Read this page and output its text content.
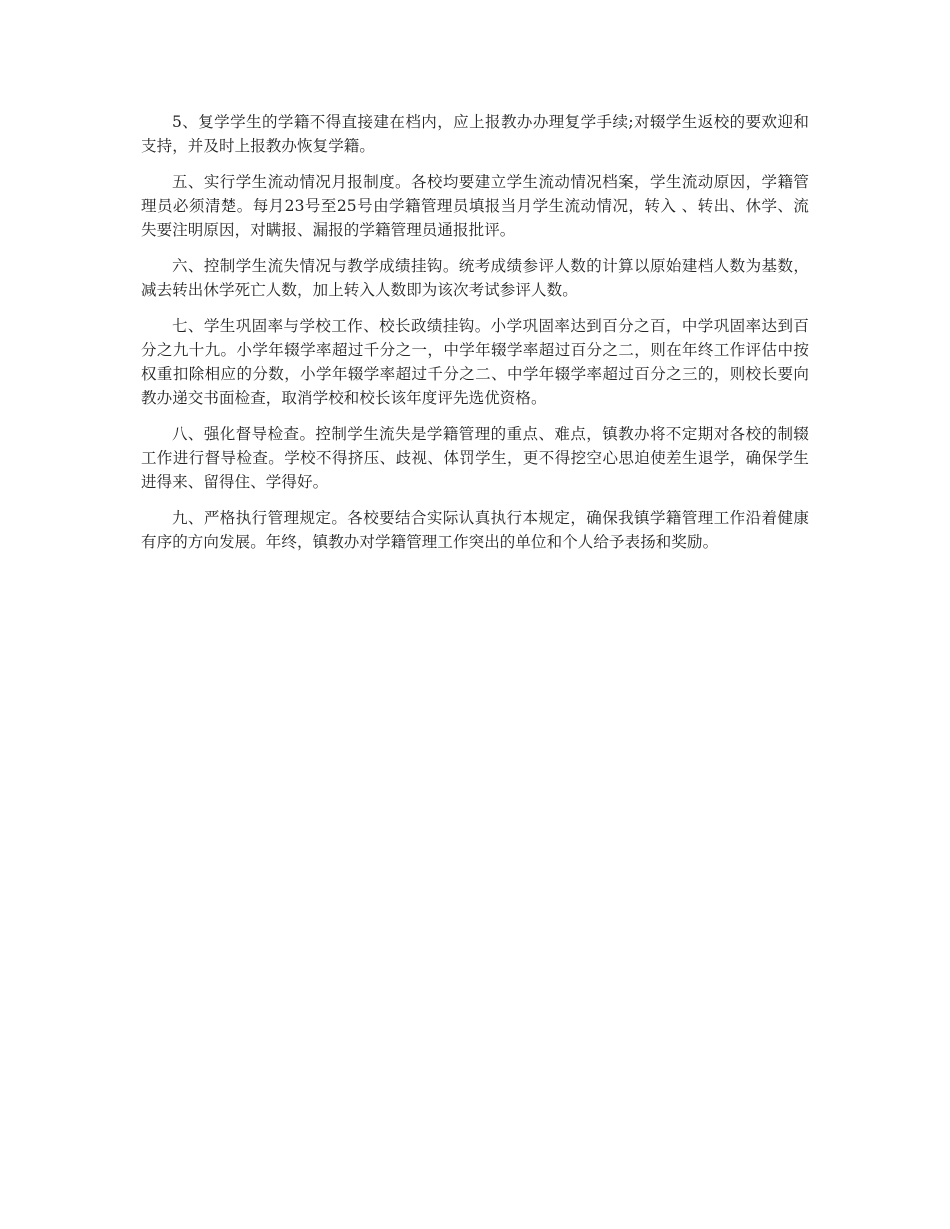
5、复学学生的学籍不得直接建在档内，应上报教办办理复学手续;对辍学生返校的要欢迎和支持，并及时上报教办恢复学籍。

五、实行学生流动情况月报制度。各校均要建立学生流动情况档案，学生流动原因，学籍管理员必须清楚。每月23号至25号由学籍管理员填报当月学生流动情况，转入 、转出、休学、流失要注明原因，对瞒报、漏报的学籍管理员通报批评。

六、控制学生流失情况与教学成绩挂钩。统考成绩参评人数的计算以原始建档人数为基数，减去转出休学死亡人数，加上转入人数即为该次考试参评人数。

七、学生巩固率与学校工作、校长政绩挂钩。小学巩固率达到百分之百，中学巩固率达到百分之九十九。小学年辍学率超过千分之一，中学年辍学率超过百分之二，则在年终工作评估中按权重扣除相应的分数，小学年辍学率超过千分之二、中学年辍学率超过百分之三的，则校长要向教办递交书面检查，取消学校和校长该年度评先选优资格。

八、强化督导检查。控制学生流失是学籍管理的重点、难点，镇教办将不定期对各校的制辍工作进行督导检查。学校不得挤压、歧视、体罚学生，更不得挖空心思迫使差生退学，确保学生进得来、留得住、学得好。

九、严格执行管理规定。各校要结合实际认真执行本规定，确保我镇学籍管理工作沿着健康有序的方向发展。年终，镇教办对学籍管理工作突出的单位和个人给予表扬和奖励。
